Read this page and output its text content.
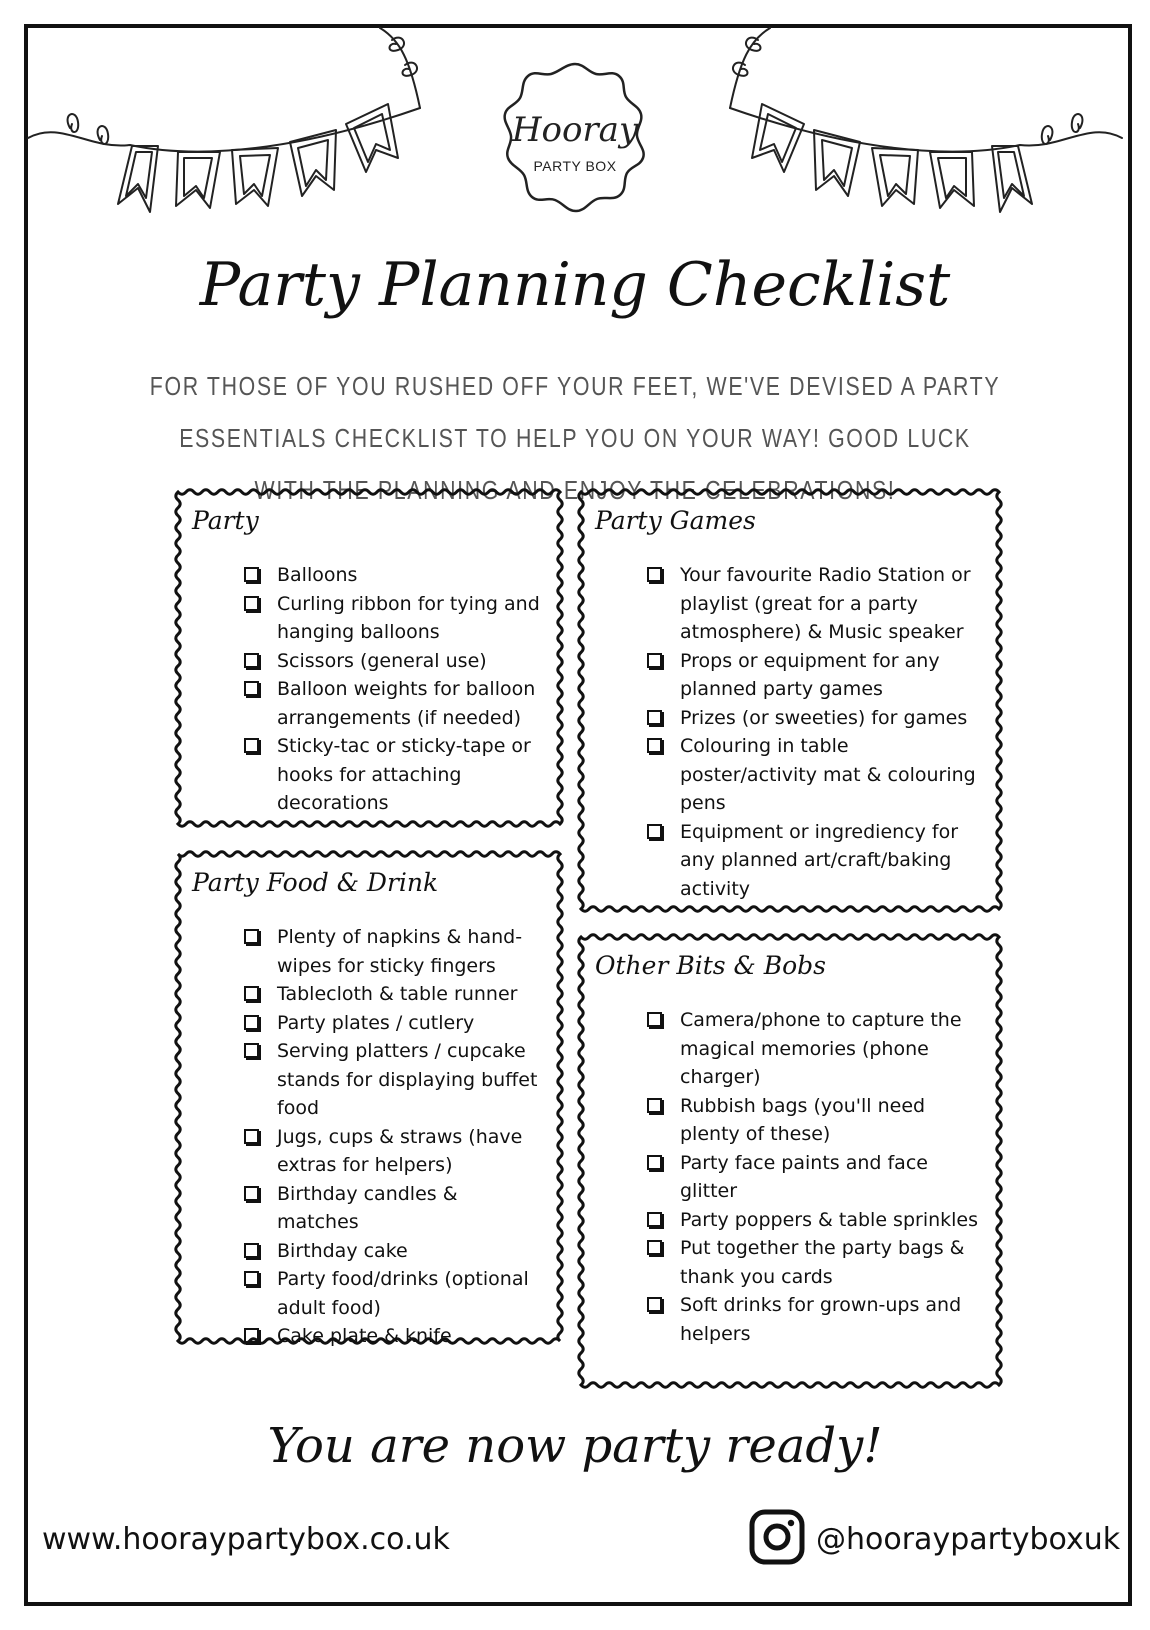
Hooray
PARTY BOX
Party Planning Checklist
FOR THOSE OF YOU RUSHED OFF YOUR FEET, WE'VE DEVISED A PARTY ESSENTIALS CHECKLIST TO HELP YOU ON YOUR WAY! GOOD LUCK WITH THE PLANNING AND ENJOY THE CELEBRATIONS!
Party
Balloons
Curling ribbon for tying and hanging balloons
Scissors (general use)
Balloon weights for balloon arrangements (if needed)
Sticky-tac or sticky-tape or hooks for attaching decorations
Party Games
Your favourite Radio Station or playlist (great for a party atmosphere) & Music speaker
Props or equipment for any planned party games
Prizes (or sweeties) for games
Colouring in table poster/activity mat & colouring pens
Equipment or ingrediency for any planned art/craft/baking activity
Party Food & Drink
Plenty of napkins & hand-wipes for sticky fingers
Tablecloth & table runner
Party plates / cutlery
Serving platters / cupcake stands for displaying buffet food
Jugs, cups & straws (have extras for helpers)
Birthday candles & matches
Birthday cake
Party food/drinks (optional adult food)
Cake plate & knife
Other Bits & Bobs
Camera/phone to capture the magical memories (phone charger)
Rubbish bags (you'll need plenty of these)
Party face paints and face glitter
Party poppers & table sprinkles
Put together the party bags & thank you cards
Soft drinks for grown-ups and helpers
You are now party ready!
www.hooraypartybox.co.uk	@hooraypartyboxuk
